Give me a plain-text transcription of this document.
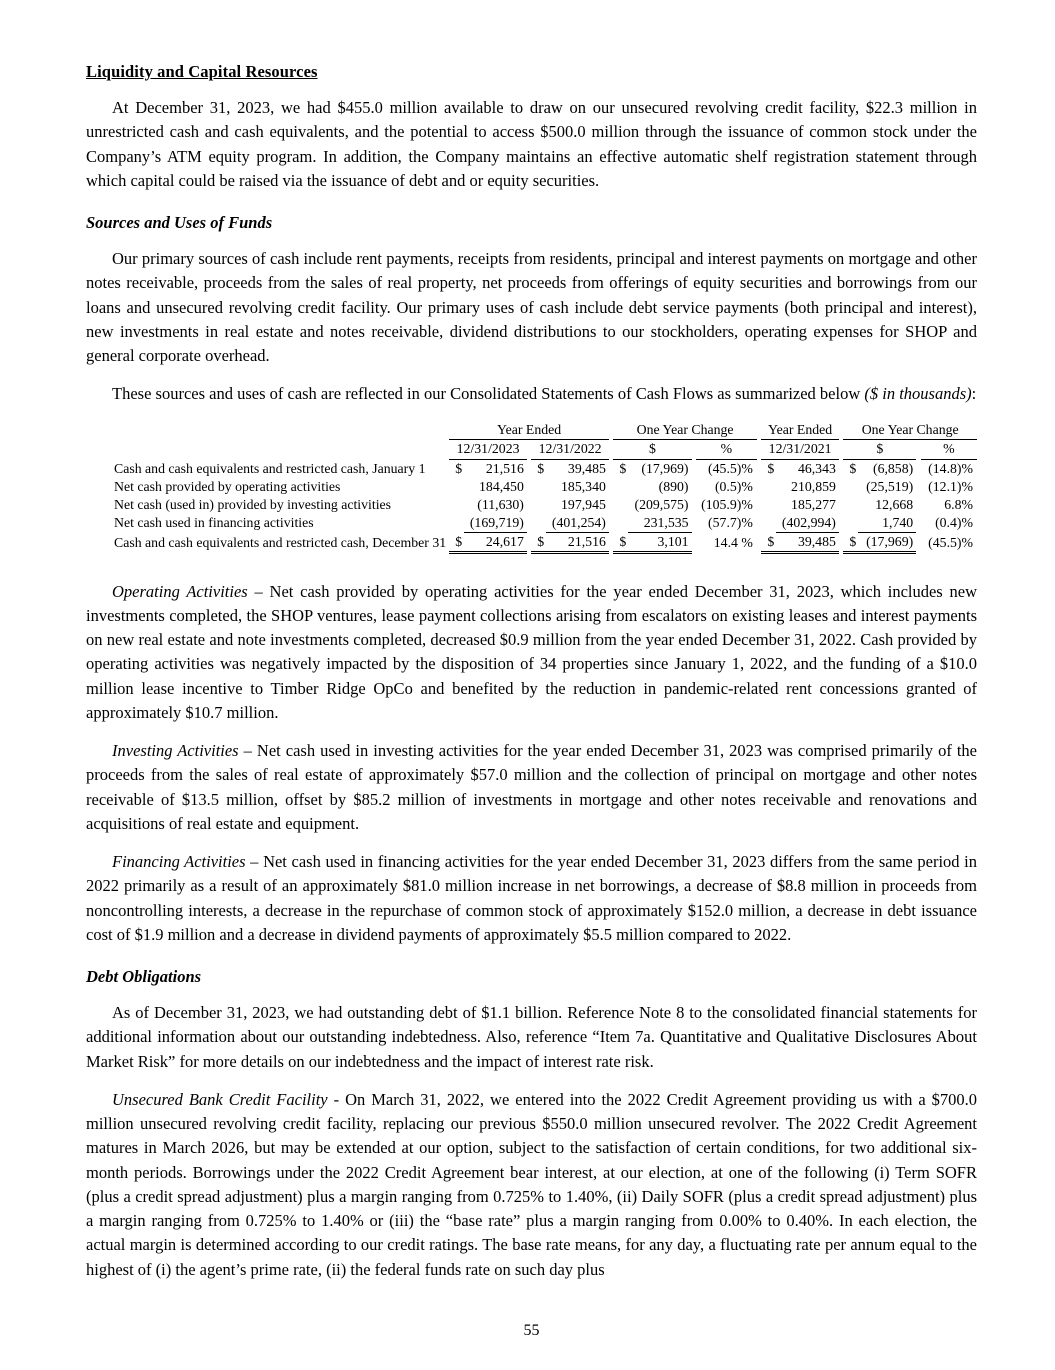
Liquidity and Capital Resources

At December 31, 2023, we had $455.0 million available to draw on our unsecured revolving credit facility, $22.3 million in unrestricted cash and cash equivalents, and the potential to access $500.0 million through the issuance of common stock under the Company’s ATM equity program. In addition, the Company maintains an effective automatic shelf registration statement through which capital could be raised via the issuance of debt and or equity securities.

Sources and Uses of Funds

Our primary sources of cash include rent payments, receipts from residents, principal and interest payments on mortgage and other notes receivable, proceeds from the sales of real property, net proceeds from offerings of equity securities and borrowings from our loans and unsecured revolving credit facility. Our primary uses of cash include debt service payments (both principal and interest), new investments in real estate and notes receivable, dividend distributions to our stockholders, operating expenses for SHOP and general corporate overhead.

These sources and uses of cash are reflected in our Consolidated Statements of Cash Flows as summarized below ($ in thousands):

	Year Ended						One Year Change					Year Ended			One Year Change			
	12/31/2023			12/31/2022			$			%		12/31/2021			$			%
Cash and cash equivalents and restricted cash, January 1	$	21,516		$	39,485		$	(17,969)		(45.5)%		$	46,343		$	(6,858)		(14.8)%
Net cash provided by operating activities		184,450			185,340			(890)		(0.5)%			210,859			(25,519)		(12.1)%
Net cash (used in) provided by investing activities		(11,630)			197,945			(209,575)		(105.9)%			185,277			12,668		6.8%
Net cash used in financing activities		(169,719)			(401,254)			231,535		(57.7)%			(402,994)			1,740		(0.4)%
Cash and cash equivalents and restricted cash, December 31	$	24,617		$	21,516		$	3,101		14.4 %		$	39,485		$	(17,969)		(45.5)%

Operating Activities – Net cash provided by operating activities for the year ended December 31, 2023, which includes new investments completed, the SHOP ventures, lease payment collections arising from escalators on existing leases and interest payments on new real estate and note investments completed, decreased $0.9 million from the year ended December 31, 2022. Cash provided by operating activities was negatively impacted by the disposition of 34 properties since January 1, 2022, and the funding of a $10.0 million lease incentive to Timber Ridge OpCo and benefited by the reduction in pandemic-related rent concessions granted of approximately $10.7 million.

Investing Activities – Net cash used in investing activities for the year ended December 31, 2023 was comprised primarily of the proceeds from the sales of real estate of approximately $57.0 million and the collection of principal on mortgage and other notes receivable of $13.5 million, offset by $85.2 million of investments in mortgage and other notes receivable and renovations and acquisitions of real estate and equipment.

Financing Activities – Net cash used in financing activities for the year ended December 31, 2023 differs from the same period in 2022 primarily as a result of an approximately $81.0 million increase in net borrowings, a decrease of $8.8 million in proceeds from noncontrolling interests, a decrease in the repurchase of common stock of approximately $152.0 million, a decrease in debt issuance cost of $1.9 million and a decrease in dividend payments of approximately $5.5 million compared to 2022.

Debt Obligations

As of December 31, 2023, we had outstanding debt of $1.1 billion. Reference Note 8 to the consolidated financial statements for additional information about our outstanding indebtedness. Also, reference “Item 7a. Quantitative and Qualitative Disclosures About Market Risk” for more details on our indebtedness and the impact of interest rate risk.

Unsecured Bank Credit Facility - On March 31, 2022, we entered into the 2022 Credit Agreement providing us with a $700.0 million unsecured revolving credit facility, replacing our previous $550.0 million unsecured revolver. The 2022 Credit Agreement matures in March 2026, but may be extended at our option, subject to the satisfaction of certain conditions, for two additional six-month periods. Borrowings under the 2022 Credit Agreement bear interest, at our election, at one of the following (i) Term SOFR (plus a credit spread adjustment) plus a margin ranging from 0.725% to 1.40%, (ii) Daily SOFR (plus a credit spread adjustment) plus a margin ranging from 0.725% to 1.40% or (iii) the “base rate” plus a margin ranging from 0.00% to 0.40%. In each election, the actual margin is determined according to our credit ratings. The base rate means, for any day, a fluctuating rate per annum equal to the highest of (i) the agent’s prime rate, (ii) the federal funds rate on such day plus

55
